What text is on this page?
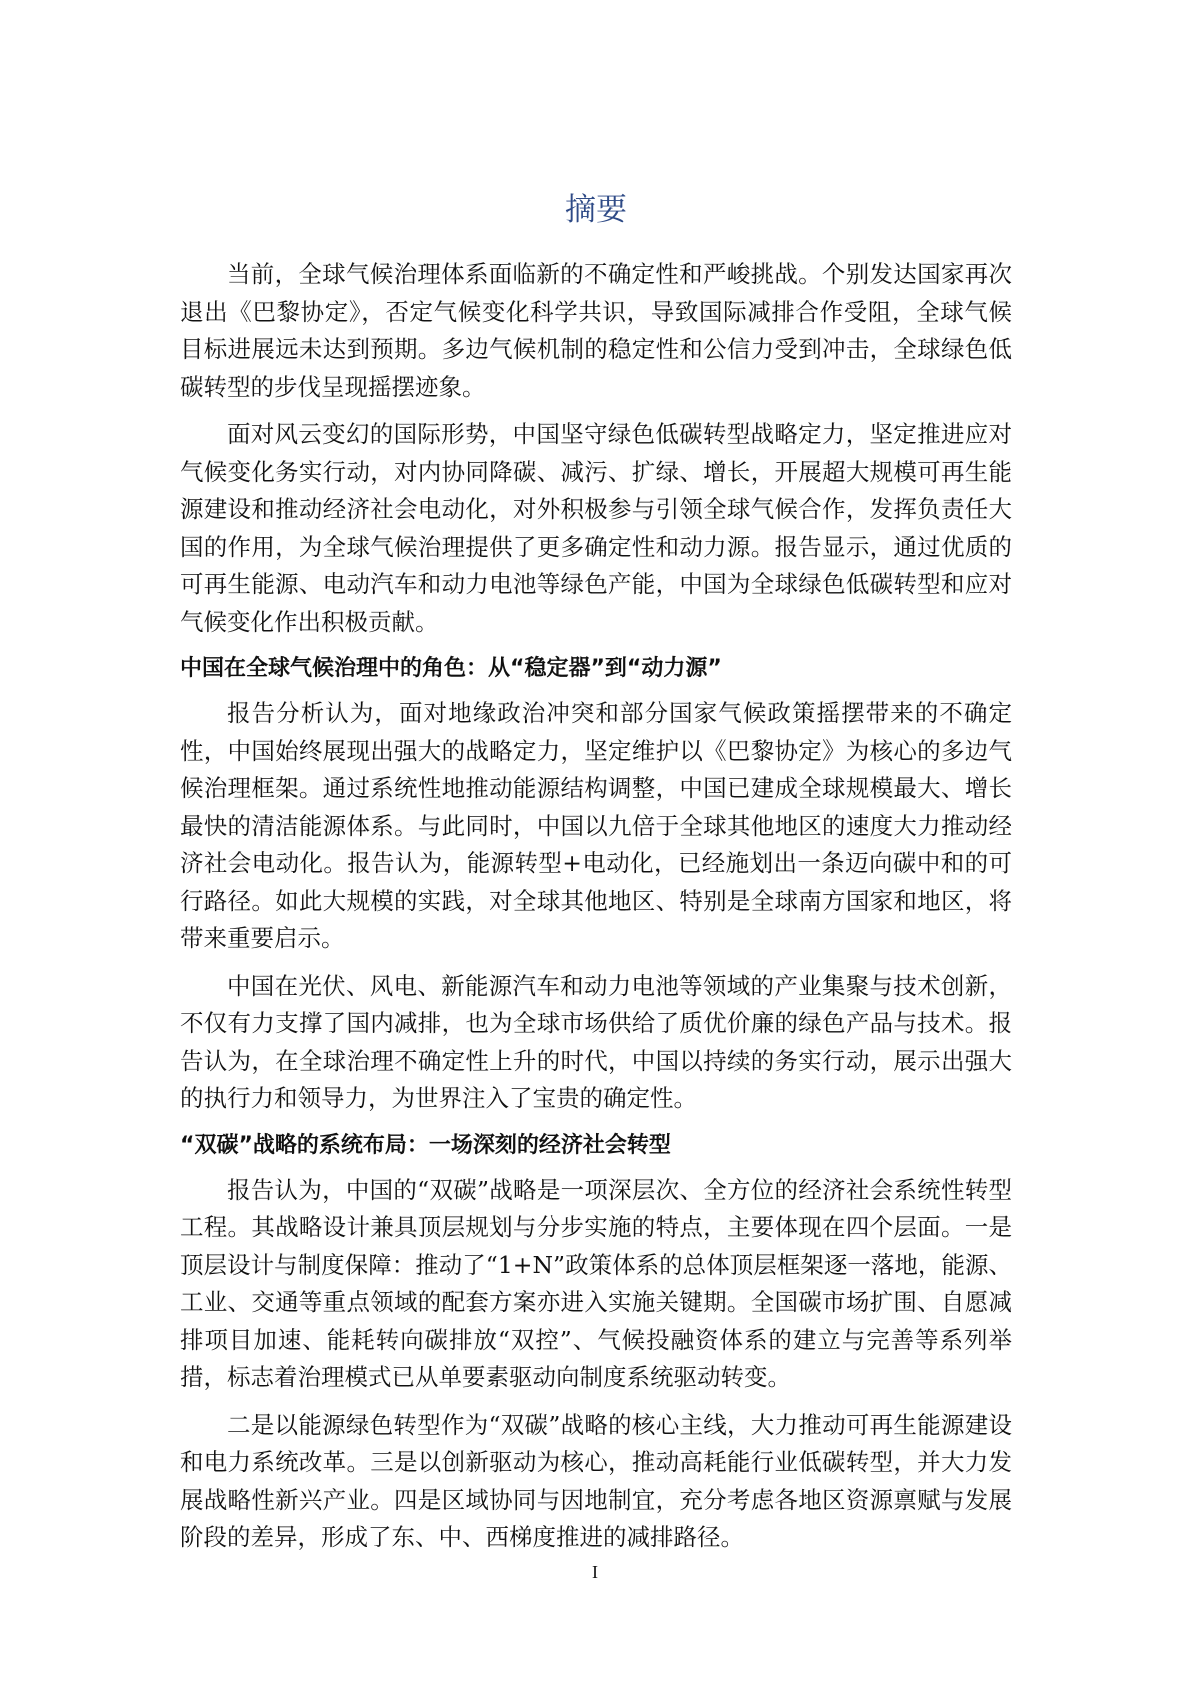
摘要

当前，全球气候治理体系面临新的不确定性和严峻挑战。个别发达国家再次退出《巴黎协定》，否定气候变化科学共识，导致国际减排合作受阻，全球气候目标进展远未达到预期。多边气候机制的稳定性和公信力受到冲击，全球绿色低碳转型的步伐呈现摇摆迹象。

面对风云变幻的国际形势，中国坚守绿色低碳转型战略定力，坚定推进应对气候变化务实行动，对内协同降碳、减污、扩绿、增长，开展超大规模可再生能源建设和推动经济社会电动化，对外积极参与引领全球气候合作，发挥负责任大国的作用，为全球气候治理提供了更多确定性和动力源。报告显示，通过优质的可再生能源、电动汽车和动力电池等绿色产能，中国为全球绿色低碳转型和应对气候变化作出积极贡献。

中国在全球气候治理中的角色：从“稳定器”到“动力源”

报告分析认为，面对地缘政治冲突和部分国家气候政策摇摆带来的不确定性，中国始终展现出强大的战略定力，坚定维护以《巴黎协定》为核心的多边气候治理框架。通过系统性地推动能源结构调整，中国已建成全球规模最大、增长最快的清洁能源体系。与此同时，中国以九倍于全球其他地区的速度大力推动经济社会电动化。报告认为，能源转型+电动化，已经施划出一条迈向碳中和的可行路径。如此大规模的实践，对全球其他地区、特别是全球南方国家和地区，将带来重要启示。

中国在光伏、风电、新能源汽车和动力电池等领域的产业集聚与技术创新，不仅有力支撑了国内减排，也为全球市场供给了质优价廉的绿色产品与技术。报告认为，在全球治理不确定性上升的时代，中国以持续的务实行动，展示出强大的执行力和领导力，为世界注入了宝贵的确定性。

“双碳”战略的系统布局：一场深刻的经济社会转型

报告认为，中国的“双碳”战略是一项深层次、全方位的经济社会系统性转型工程。其战略设计兼具顶层规划与分步实施的特点，主要体现在四个层面。一是顶层设计与制度保障：推动了“1+N”政策体系的总体顶层框架逐一落地，能源、工业、交通等重点领域的配套方案亦进入实施关键期。全国碳市场扩围、自愿减排项目加速、能耗转向碳排放“双控”、气候投融资体系的建立与完善等系列举措，标志着治理模式已从单要素驱动向制度系统驱动转变。

二是以能源绿色转型作为“双碳”战略的核心主线，大力推动可再生能源建设和电力系统改革。三是以创新驱动为核心，推动高耗能行业低碳转型，并大力发展战略性新兴产业。四是区域协同与因地制宜，充分考虑各地区资源禀赋与发展阶段的差异，形成了东、中、西梯度推进的减排路径。

I
